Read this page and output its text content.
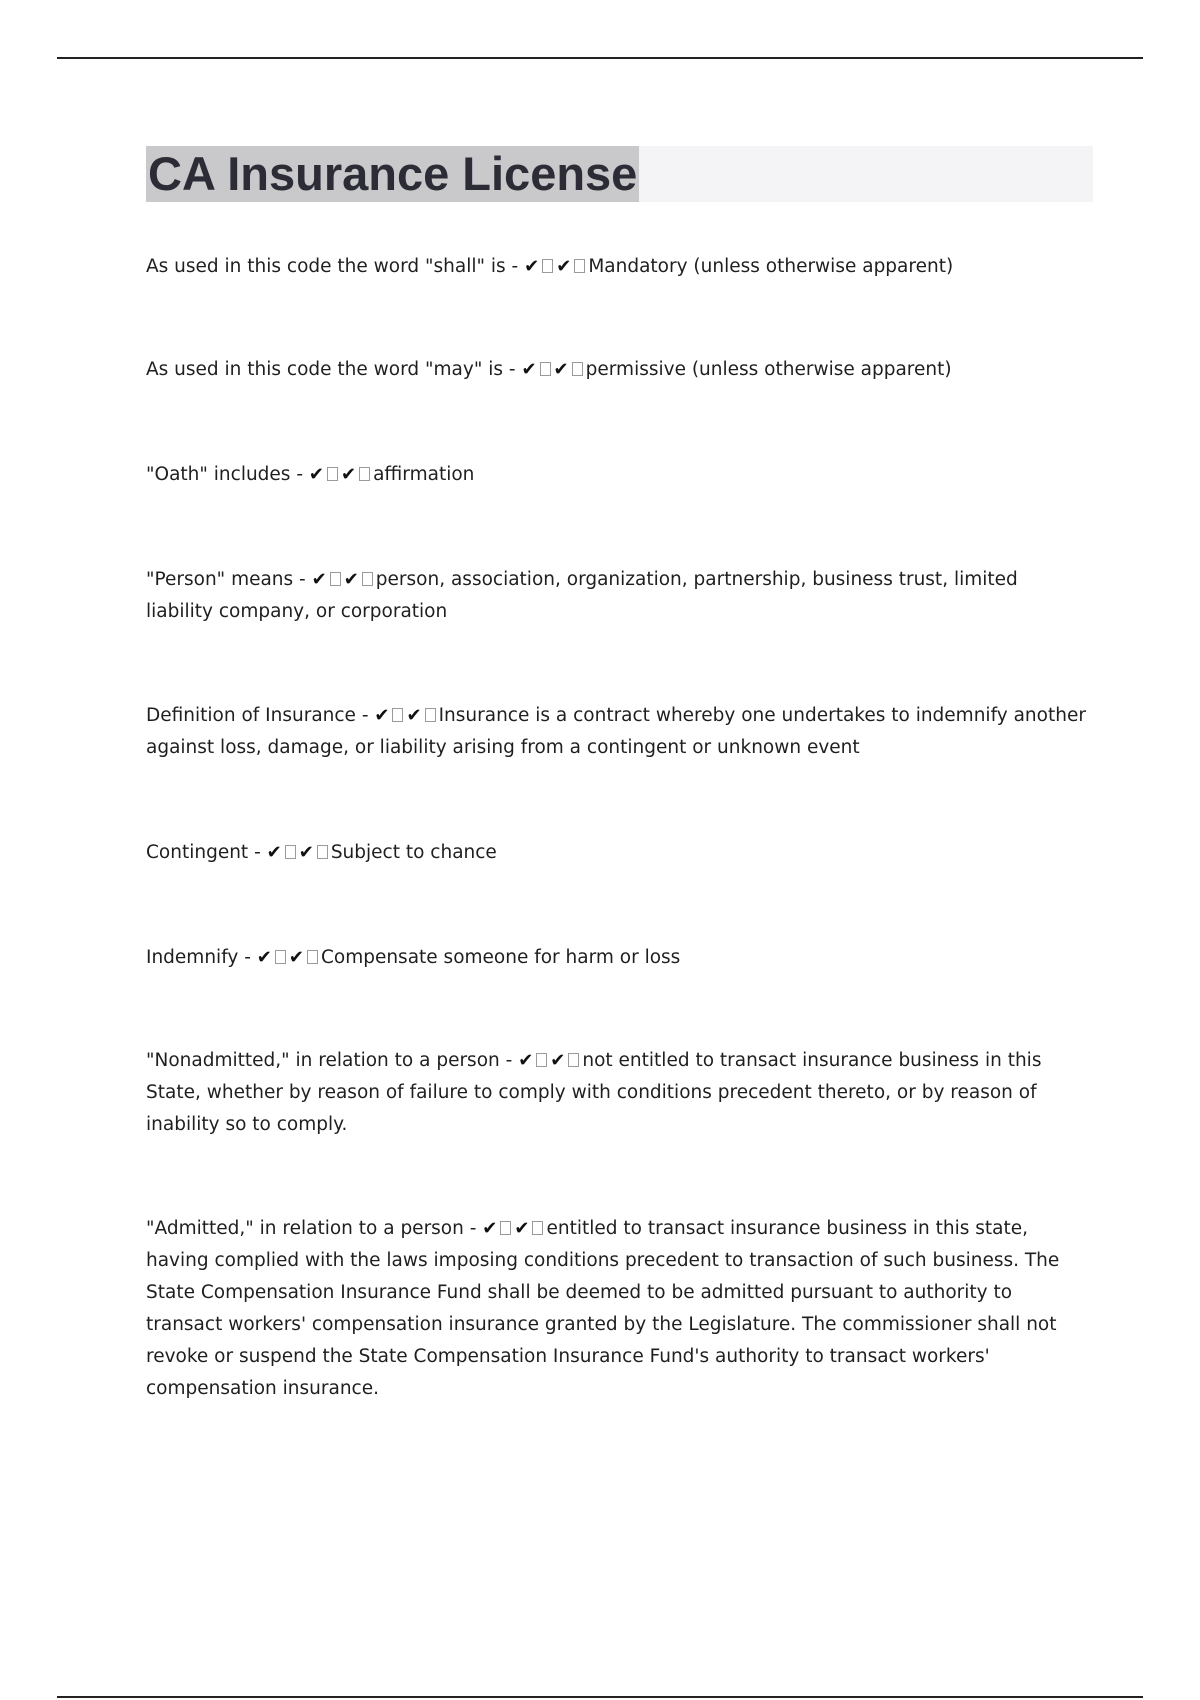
CA Insurance License
As used in this code the word "shall" is - ✔ ✔ Mandatory (unless otherwise apparent)
As used in this code the word "may" is - ✔ ✔ permissive (unless otherwise apparent)
"Oath" includes - ✔ ✔ affirmation
"Person" means - ✔ ✔ person, association, organization, partnership, business trust, limited liability company, or corporation
Definition of Insurance - ✔ ✔ Insurance is a contract whereby one undertakes to indemnify another against loss, damage, or liability arising from a contingent or unknown event
Contingent - ✔ ✔ Subject to chance
Indemnify - ✔ ✔ Compensate someone for harm or loss
"Nonadmitted," in relation to a person - ✔ ✔ not entitled to transact insurance business in this State, whether by reason of failure to comply with conditions precedent thereto, or by reason of inability so to comply.
"Admitted," in relation to a person - ✔ ✔ entitled to transact insurance business in this state, having complied with the laws imposing conditions precedent to transaction of such business. The State Compensation Insurance Fund shall be deemed to be admitted pursuant to authority to transact workers' compensation insurance granted by the Legislature. The commissioner shall not revoke or suspend the State Compensation Insurance Fund's authority to transact workers' compensation insurance.
